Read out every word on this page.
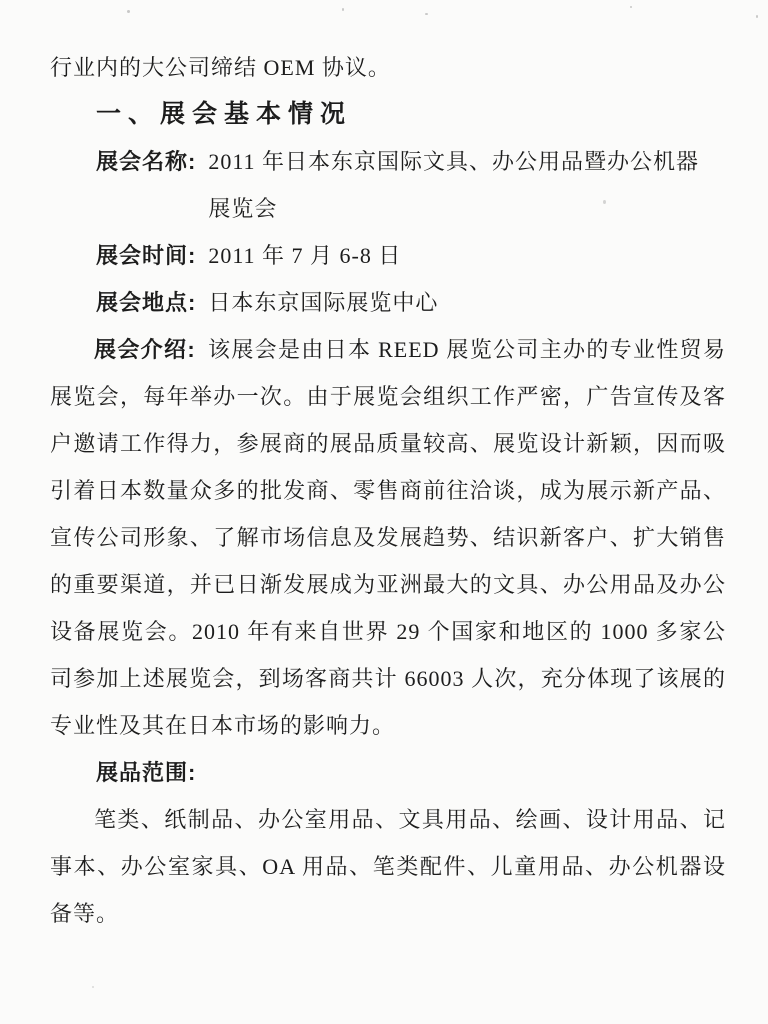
行业内的大公司缔结 OEM 协议。

一、展会基本情况
展会名称: 2011 年日本东京国际文具、办公用品暨办公机器
展览会
展会时间: 2011 年 7 月 6-8 日
展会地点: 日本东京国际展览中心

展会介绍: 该展会是由日本 REED 展览公司主办的专业性贸易展览会，每年举办一次。由于展览会组织工作严密，广告宣传及客户邀请工作得力，参展商的展品质量较高、展览设计新颖，因而吸引着日本数量众多的批发商、零售商前往洽谈，成为展示新产品、宣传公司形象、了解市场信息及发展趋势、结识新客户、扩大销售的重要渠道，并已日渐发展成为亚洲最大的文具、办公用品及办公设备展览会。2010 年有来自世界 29 个国家和地区的 1000 多家公司参加上述展览会，到场客商共计 66003 人次，充分体现了该展的专业性及其在日本市场的影响力。

展品范围:

笔类、纸制品、办公室用品、文具用品、绘画、设计用品、记事本、办公室家具、OA 用品、笔类配件、儿童用品、办公机器设备等。
